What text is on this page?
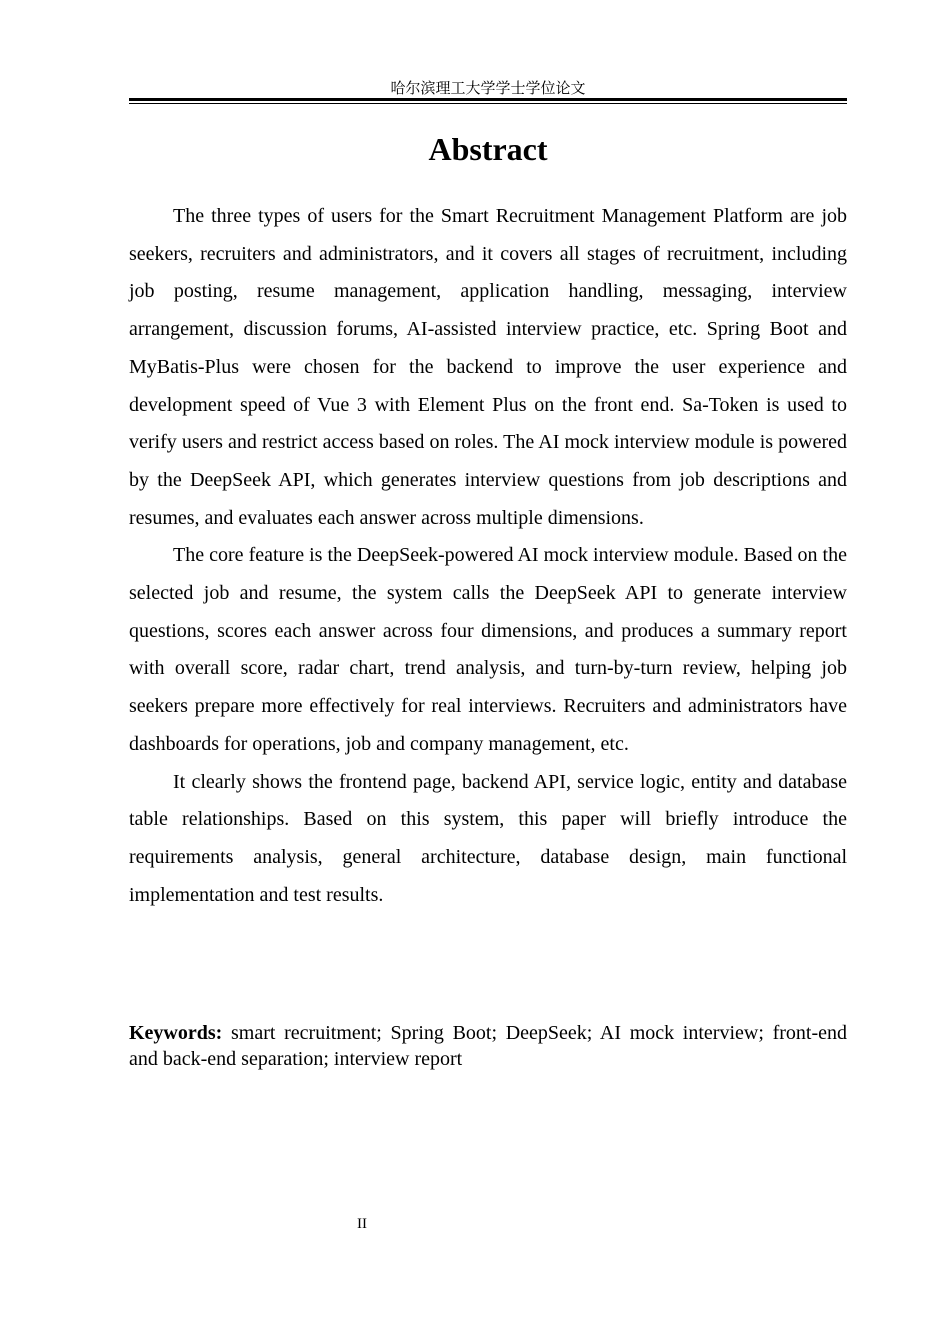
哈尔滨理工大学学士学位论文
Abstract

The three types of users for the Smart Recruitment Management Platform are job seekers, recruiters and administrators, and it covers all stages of recruitment, including job posting, resume management, application handling, messaging, interview arrangement, discussion forums, AI-assisted interview practice, etc. Spring Boot and MyBatis-Plus were chosen for the backend to improve the user experience and development speed of Vue 3 with Element Plus on the front end. Sa-Token is used to verify users and restrict access based on roles. The AI mock interview module is powered by the DeepSeek API, which generates interview questions from job descriptions and resumes, and evaluates each answer across multiple dimensions.

The core feature is the DeepSeek-powered AI mock interview module. Based on the selected job and resume, the system calls the DeepSeek API to generate interview questions, scores each answer across four dimensions, and produces a summary report with overall score, radar chart, trend analysis, and turn-by-turn review, helping job seekers prepare more effectively for real interviews. Recruiters and administrators have dashboards for operations, job and company management, etc.

It clearly shows the frontend page, backend API, service logic, entity and database table relationships. Based on this system, this paper will briefly introduce the requirements analysis, general architecture, database design, main functional implementation and test results.

Keywords: smart recruitment; Spring Boot; DeepSeek; AI mock interview; front-end and back-end separation; interview report

II
